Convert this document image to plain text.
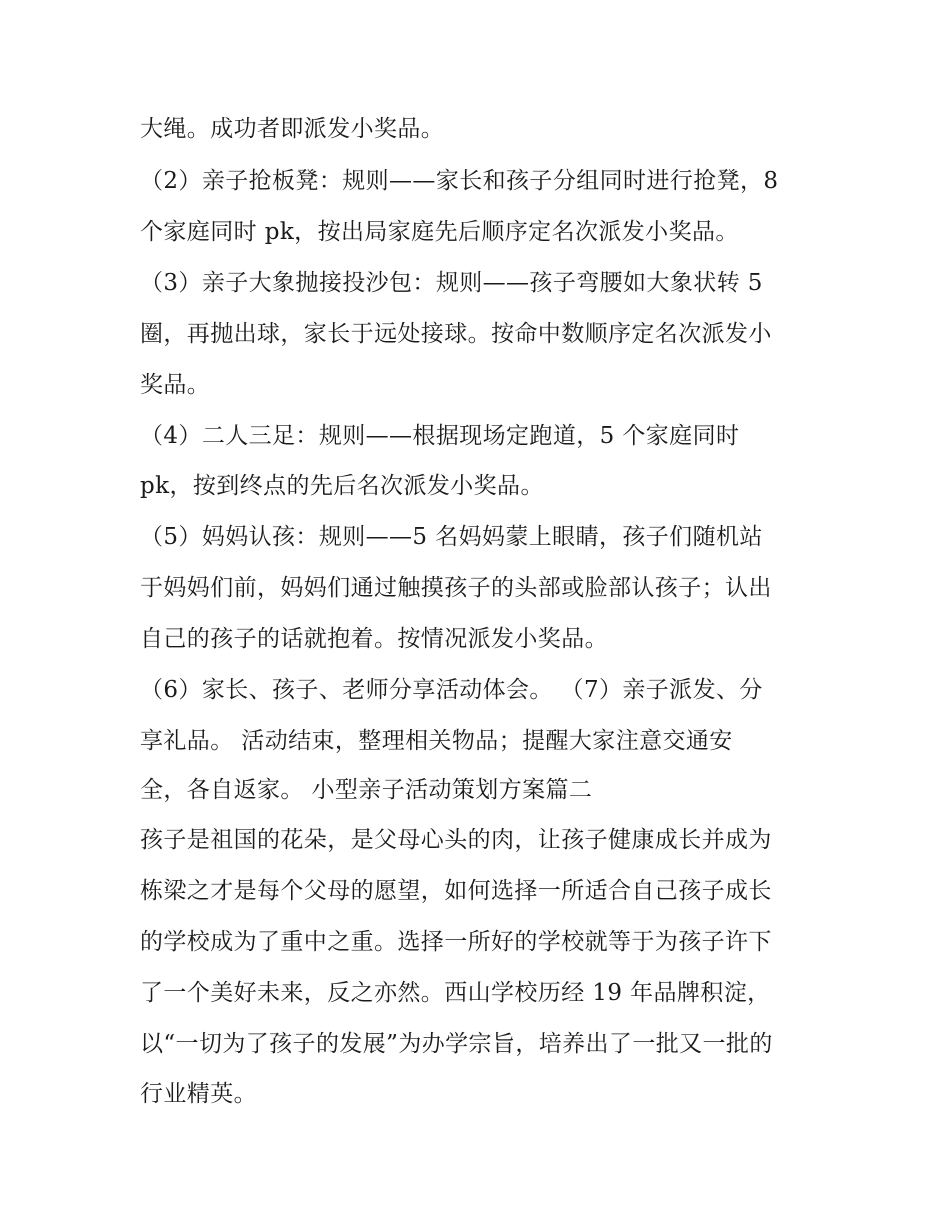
大绳。成功者即派发小奖品。
（2）亲子抢板凳：规则——家长和孩子分组同时进行抢凳，8
个家庭同时 pk，按出局家庭先后顺序定名次派发小奖品。
（3）亲子大象抛接投沙包：规则——孩子弯腰如大象状转 5
圈，再抛出球，家长于远处接球。按命中数顺序定名次派发小
奖品。
（4）二人三足：规则——根据现场定跑道，5 个家庭同时
pk，按到终点的先后名次派发小奖品。
（5）妈妈认孩：规则——5 名妈妈蒙上眼睛，孩子们随机站
于妈妈们前，妈妈们通过触摸孩子的头部或脸部认孩子；认出
自己的孩子的话就抱着。按情况派发小奖品。
（6）家长、孩子、老师分享活动体会。 （7）亲子派发、分
享礼品。 活动结束，整理相关物品；提醒大家注意交通安
全，各自返家。 小型亲子活动策划方案篇二
孩子是祖国的花朵，是父母心头的肉，让孩子健康成长并成为
栋梁之才是每个父母的愿望，如何选择一所适合自己孩子成长
的学校成为了重中之重。选择一所好的学校就等于为孩子许下
了一个美好未来，反之亦然。西山学校历经 19 年品牌积淀，
以“一切为了孩子的发展”为办学宗旨，培养出了一批又一批的
行业精英。
